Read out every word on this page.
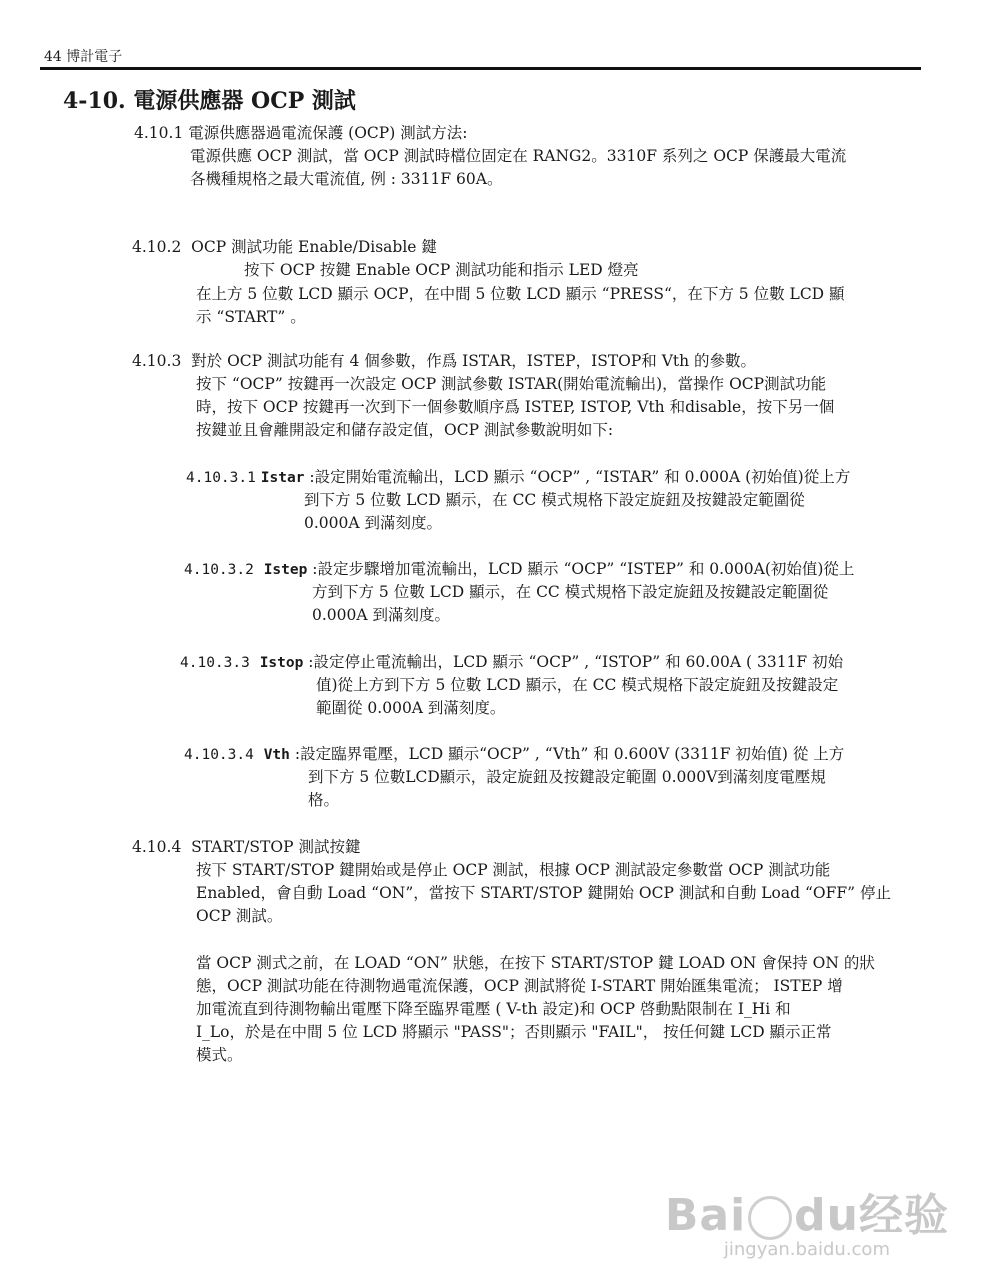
44 博計電子
4-10. 電源供應器 OCP 測試
4.10.1 電源供應器過電流保護 (OCP) 測試方法:
電源供應 OCP 測試，當 OCP 測試時檔位固定在 RANG2。3310F 系列之 OCP 保護最大電流
各機種規格之最大電流值, 例 : 3311F 60A。
4.10.2 OCP 測試功能 Enable/Disable 鍵
按下 OCP 按鍵 Enable OCP 測試功能和指示 LED 燈亮
在上方 5 位數 LCD 顯示 OCP，在中間 5 位數 LCD 顯示 “PRESS“，在下方 5 位數 LCD 顯
示 “START” 。
4.10.3 對於 OCP 測試功能有 4 個參數，作爲 ISTAR，ISTEP，ISTOP和 Vth 的參數。
按下 “OCP” 按鍵再一次設定 OCP 測試參數 ISTAR(開始電流輸出)，當操作 OCP測試功能
時，按下 OCP 按鍵再一次到下一個參數順序爲 ISTEP, ISTOP, Vth 和disable，按下另一個
按鍵並且會離開設定和儲存設定值，OCP 測試參數說明如下:
4.10.3.1 Istar :設定開始電流輸出，LCD 顯示 “OCP” , “ISTAR” 和 0.000A (初始值)從上方
到下方 5 位數 LCD 顯示，在 CC 模式規格下設定旋鈕及按鍵設定範圍從
0.000A 到滿刻度。
4.10.3.2 Istep :設定步驟增加電流輸出，LCD 顯示 “OCP” “ISTEP” 和 0.000A(初始值)從上
方到下方 5 位數 LCD 顯示，在 CC 模式規格下設定旋鈕及按鍵設定範圍從
0.000A 到滿刻度。
4.10.3.3 Istop :設定停止電流輸出，LCD 顯示 “OCP” , “ISTOP” 和 60.00A ( 3311F 初始
值)從上方到下方 5 位數 LCD 顯示，在 CC 模式規格下設定旋鈕及按鍵設定
範圍從 0.000A 到滿刻度。
4.10.3.4 Vth :設定臨界電壓，LCD 顯示“OCP” , “Vth” 和 0.600V (3311F 初始值) 從 上方
到下方 5 位數LCD顯示，設定旋鈕及按鍵設定範圍 0.000V到滿刻度電壓規
格。
4.10.4 START/STOP 測試按鍵
按下 START/STOP 鍵開始或是停止 OCP 測試，根據 OCP 測試設定參數當 OCP 測試功能
Enabled，會自動 Load “ON”，當按下 START/STOP 鍵開始 OCP 測試和自動 Load “OFF” 停止
OCP 測試。
當 OCP 測式之前，在 LOAD “ON” 狀態，在按下 START/STOP 鍵 LOAD ON 會保持 ON 的狀
態，OCP 測試功能在待測物過電流保護，OCP 測試將從 I-START 開始匯集電流； ISTEP 增
加電流直到待測物輸出電壓下降至臨界電壓 ( V-th 設定)和 OCP 啓動點限制在 I_Hi 和
I_Lo，於是在中間 5 位 LCD 將顯示 "PASS"；否則顯示 "FAIL"， 按任何鍵 LCD 顯示正常
模式。
Bai du经验
jingyan.baidu.com
